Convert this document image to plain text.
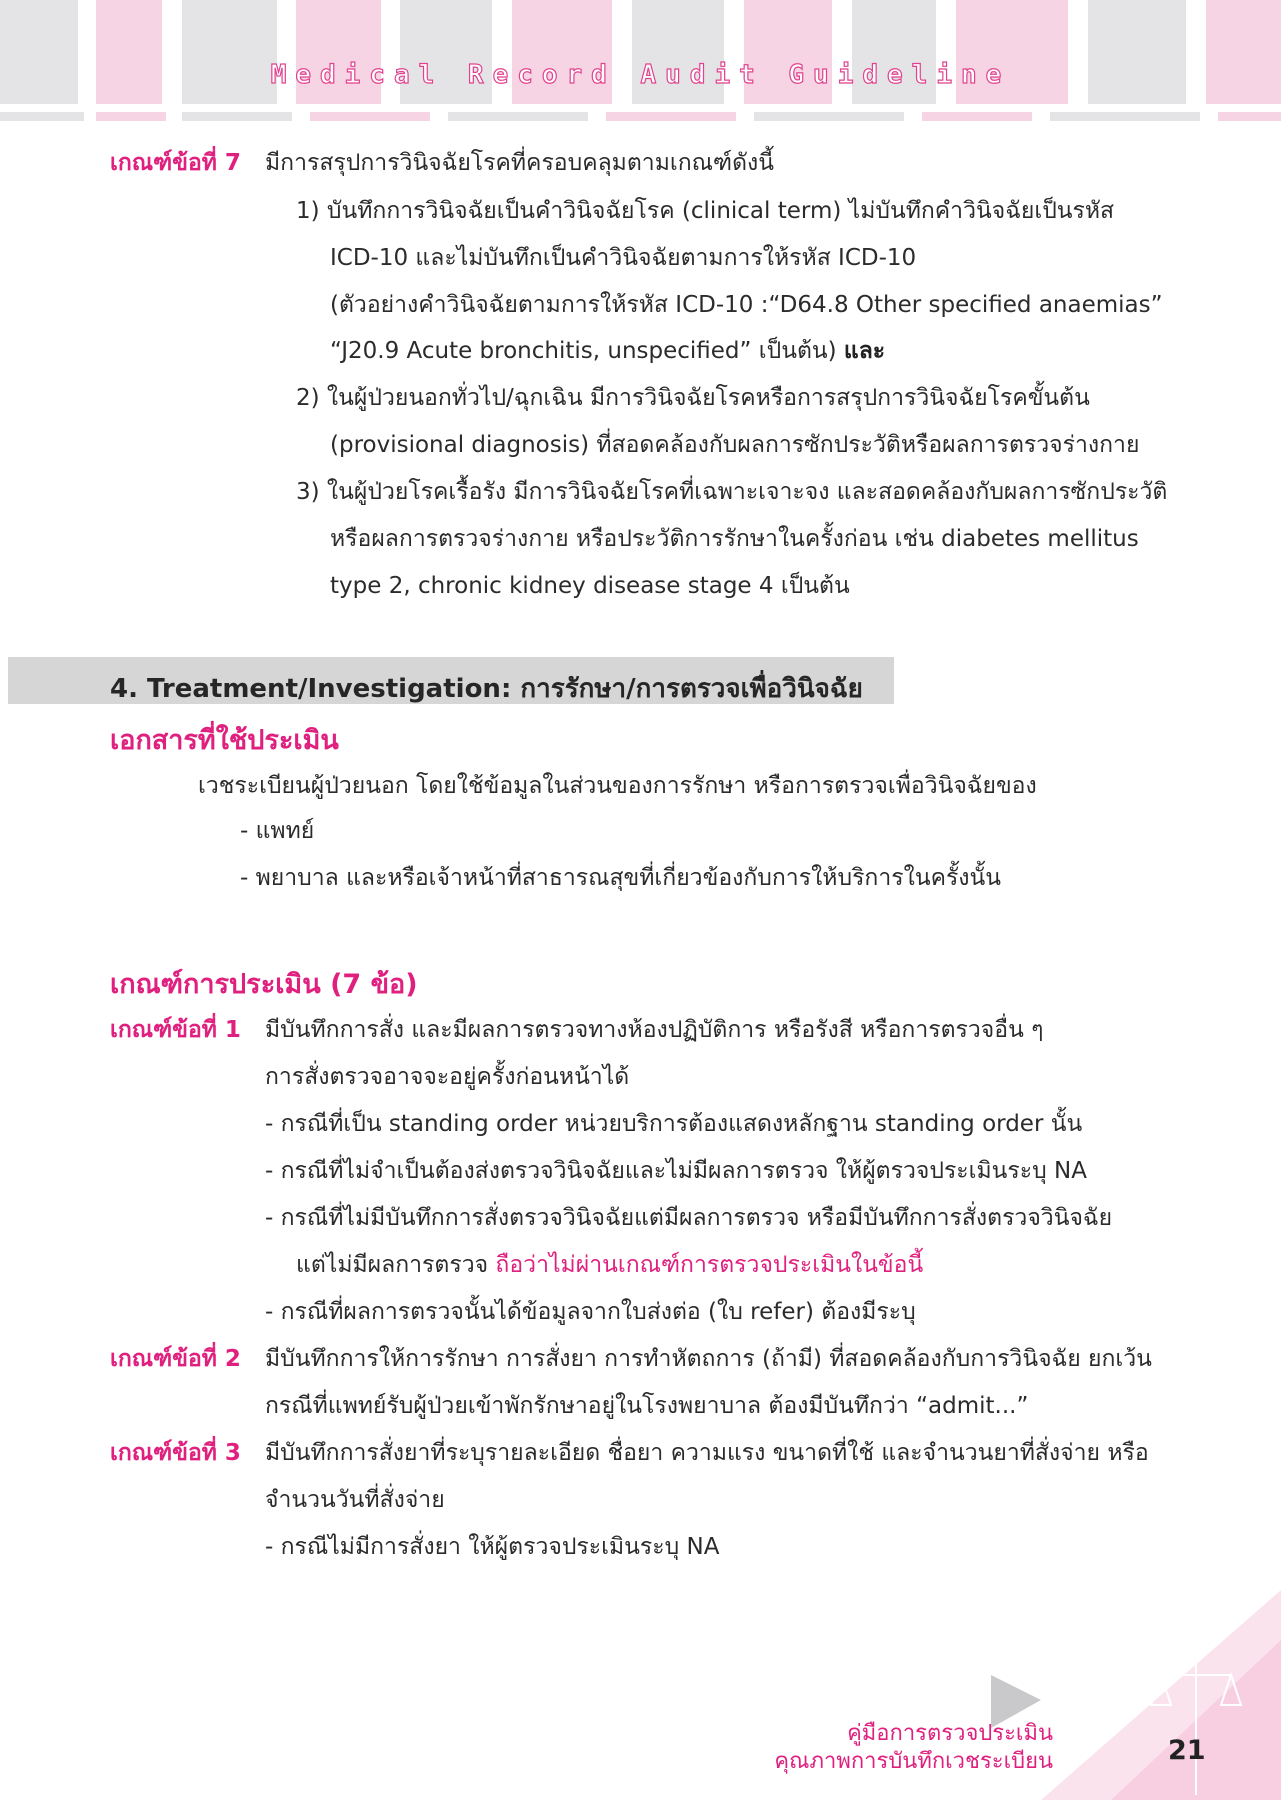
Medical Record Audit Guideline
เกณฑ์ข้อที่ 7 มีการสรุปการวินิจฉัยโรคที่ครอบคลุมตามเกณฑ์ดังนี้
1) บันทึกการวินิจฉัยเป็นคำวินิจฉัยโรค (clinical term) ไม่บันทึกคำวินิจฉัยเป็นรหัส
ICD-10 และไม่บันทึกเป็นคำวินิจฉัยตามการให้รหัส ICD-10
(ตัวอย่างคำวินิจฉัยตามการให้รหัส ICD-10 :“D64.8 Other specified anaemias”
“J20.9 Acute bronchitis, unspecified” เป็นต้น) และ
2) ในผู้ป่วยนอกทั่วไป/ฉุกเฉิน มีการวินิจฉัยโรคหรือการสรุปการวินิจฉัยโรคขั้นต้น
(provisional diagnosis) ที่สอดคล้องกับผลการซักประวัติหรือผลการตรวจร่างกาย
3) ในผู้ป่วยโรคเรื้อรัง มีการวินิจฉัยโรคที่เฉพาะเจาะจง และสอดคล้องกับผลการซักประวัติ
หรือผลการตรวจร่างกาย หรือประวัติการรักษาในครั้งก่อน เช่น diabetes mellitus
type 2, chronic kidney disease stage 4 เป็นต้น
4. Treatment/Investigation: การรักษา/การตรวจเพื่อวินิจฉัย
เอกสารที่ใช้ประเมิน
เวชระเบียนผู้ป่วยนอก โดยใช้ข้อมูลในส่วนของการรักษา หรือการตรวจเพื่อวินิจฉัยของ
- แพทย์
- พยาบาล และหรือเจ้าหน้าที่สาธารณสุขที่เกี่ยวข้องกับการให้บริการในครั้งนั้น
เกณฑ์การประเมิน (7 ข้อ)
เกณฑ์ข้อที่ 1 มีบันทึกการสั่ง และมีผลการตรวจทางห้องปฏิบัติการ หรือรังสี หรือการตรวจอื่น ๆ
การสั่งตรวจอาจจะอยู่ครั้งก่อนหน้าได้
- กรณีที่เป็น standing order หน่วยบริการต้องแสดงหลักฐาน standing order นั้น
- กรณีที่ไม่จำเป็นต้องส่งตรวจวินิจฉัยและไม่มีผลการตรวจ ให้ผู้ตรวจประเมินระบุ NA
- กรณีที่ไม่มีบันทึกการสั่งตรวจวินิจฉัยแต่มีผลการตรวจ หรือมีบันทึกการสั่งตรวจวินิจฉัย
แต่ไม่มีผลการตรวจ ถือว่าไม่ผ่านเกณฑ์การตรวจประเมินในข้อนี้
- กรณีที่ผลการตรวจนั้นได้ข้อมูลจากใบส่งต่อ (ใบ refer) ต้องมีระบุ
เกณฑ์ข้อที่ 2 มีบันทึกการให้การรักษา การสั่งยา การทำหัตถการ (ถ้ามี) ที่สอดคล้องกับการวินิจฉัย ยกเว้น
กรณีที่แพทย์รับผู้ป่วยเข้าพักรักษาอยู่ในโรงพยาบาล ต้องมีบันทึกว่า “admit...”
เกณฑ์ข้อที่ 3 มีบันทึกการสั่งยาที่ระบุรายละเอียด ชื่อยา ความแรง ขนาดที่ใช้ และจำนวนยาที่สั่งจ่าย หรือ
จำนวนวันที่สั่งจ่าย
- กรณีไม่มีการสั่งยา ให้ผู้ตรวจประเมินระบุ NA
คู่มือการตรวจประเมิน
คุณภาพการบันทึกเวชระเบียน	21
